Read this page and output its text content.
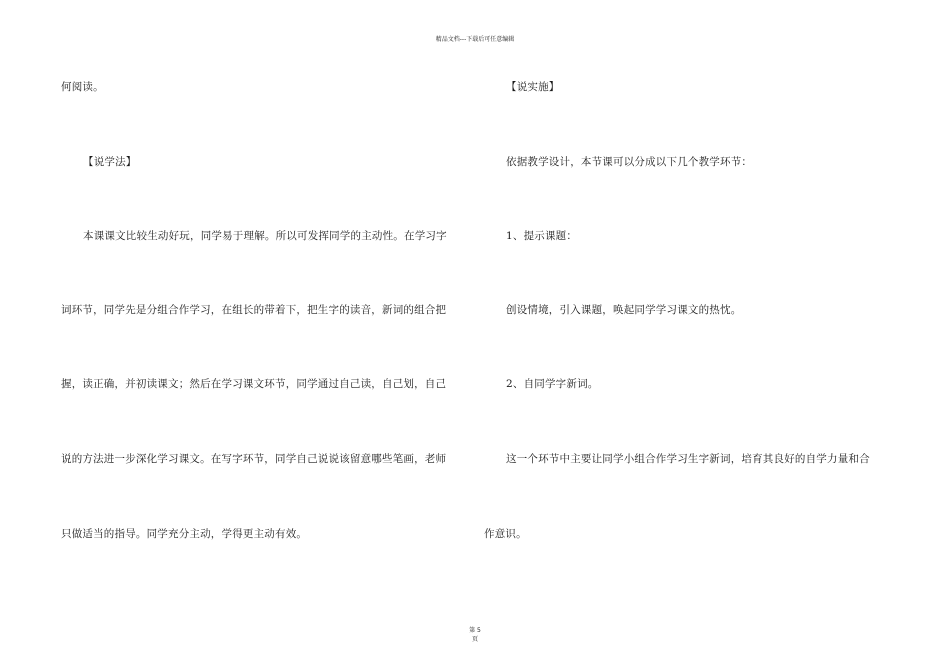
精品文档---下载后可任意编辑
何阅读。
【说学法】
本课课文比较生动好玩，同学易于理解。所以可发挥同学的主动性。在学习字
词环节，同学先是分组合作学习，在组长的带着下，把生字的读音，新词的组合把
握，读正确，并初读课文；然后在学习课文环节，同学通过自己读，自己划，自己
说的方法进一步深化学习课文。在写字环节，同学自己说说该留意哪些笔画，老师
只做适当的指导。同学充分主动，学得更主动有效。
【说实施】
依据教学设计，本节课可以分成以下几个教学环节：
1、提示课题：
创设情境，引入课题，唤起同学学习课文的热忱。
2、自同学字新词。
这一个环节中主要让同学小组合作学习生字新词，培育其良好的自学力量和合
作意识。
第 5
页
